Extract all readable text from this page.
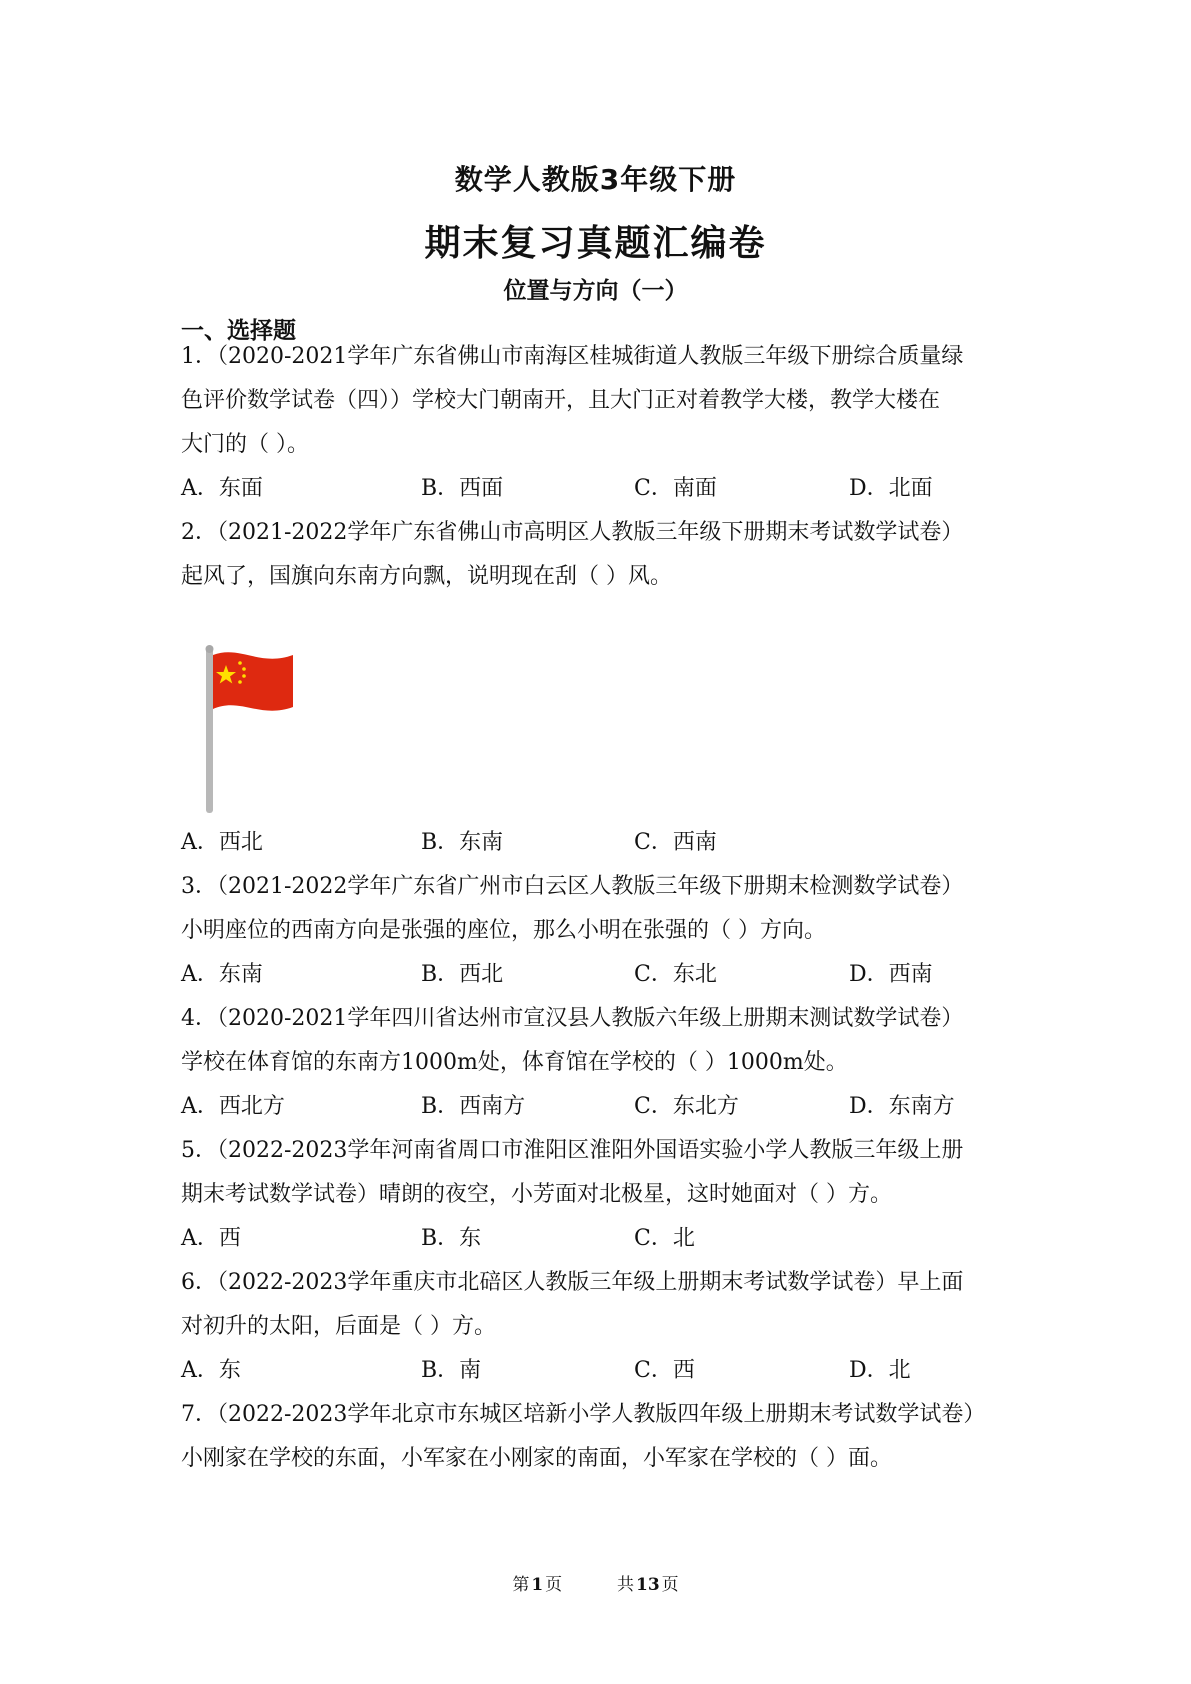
数学人教版3年级下册
期末复习真题汇编卷
位置与方向（一）
一、选择题
1．（2020-2021学年广东省佛山市南海区桂城街道人教版三年级下册综合质量绿
色评价数学试卷（四））学校大门朝南开，且大门正对着教学大楼，教学大楼在
大门的（ ）。
A．东面	B．西面	C．南面	D．北面
2．（2021-2022学年广东省佛山市高明区人教版三年级下册期末考试数学试卷）
起风了，国旗向东南方向飘，说明现在刮（ ）风。
A．西北	B．东南	C．西南
3．（2021-2022学年广东省广州市白云区人教版三年级下册期末检测数学试卷）
小明座位的西南方向是张强的座位，那么小明在张强的（ ）方向。
A．东南	B．西北	C．东北	D．西南
4．（2020-2021学年四川省达州市宣汉县人教版六年级上册期末测试数学试卷）
学校在体育馆的东南方1000m处，体育馆在学校的（ ）1000m处。
A．西北方	B．西南方	C．东北方	D．东南方
5．（2022-2023学年河南省周口市淮阳区淮阳外国语实验小学人教版三年级上册
期末考试数学试卷）晴朗的夜空，小芳面对北极星，这时她面对（ ）方。
A．西	B．东	C．北
6．（2022-2023学年重庆市北碚区人教版三年级上册期末考试数学试卷）早上面
对初升的太阳，后面是（ ）方。
A．东	B．南	C．西	D．北
7．（2022-2023学年北京市东城区培新小学人教版四年级上册期末考试数学试卷）
小刚家在学校的东面，小军家在小刚家的南面，小军家在学校的（ ）面。
第 1 页	共 13 页
